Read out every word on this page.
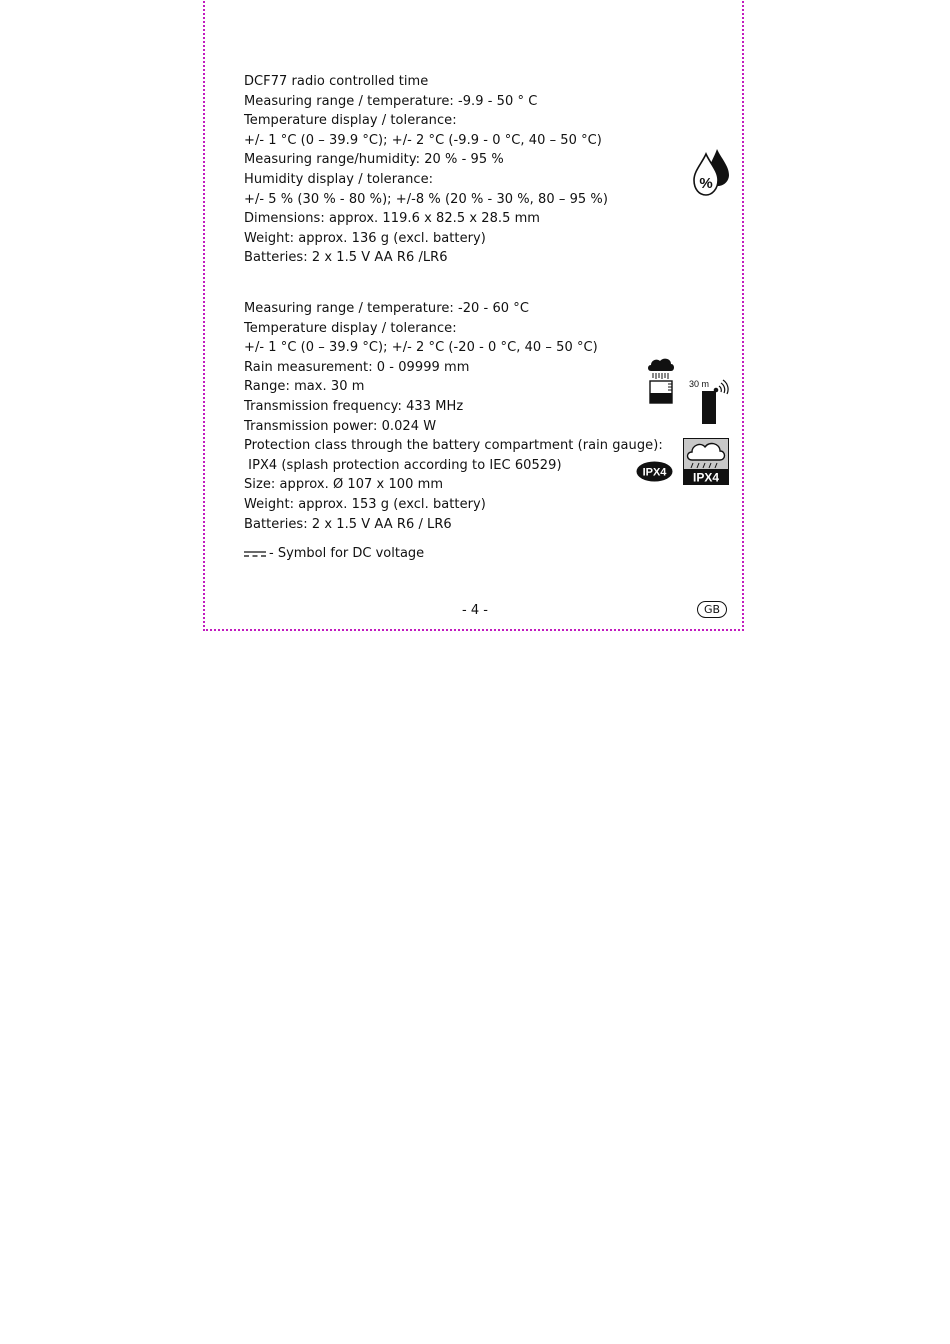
DCF77 radio controlled time
Measuring range / temperature: -9.9 - 50 ° C
Temperature display / tolerance:
+/- 1 °C (0 – 39.9 °C); +/- 2 °C (-9.9 - 0 °C, 40 – 50 °C)
Measuring range/humidity: 20 % - 95 %
Humidity display / tolerance:
+/- 5 % (30 % - 80 %); +/-8 % (20 % - 30 %, 80 – 95 %)
Dimensions: approx. 119.6 x 82.5 x 28.5 mm
Weight: approx. 136 g (excl. battery)
Batteries: 2 x 1.5 V AA R6 /LR6
Measuring range / temperature: -20 - 60 °C
Temperature display / tolerance:
+/- 1 °C (0 – 39.9 °C); +/- 2 °C (-20 - 0 °C, 40 – 50 °C)
Rain measurement: 0 - 09999 mm
Range: max. 30 m
Transmission frequency: 433 MHz
Transmission power: 0.024 W
Protection class through the battery compartment (rain gauge):
IPX4 (splash protection according to IEC 60529)
Size: approx. Ø 107 x 100 mm
Weight: approx. 153 g (excl. battery)
Batteries: 2 x 1.5 V AA R6 / LR6
- Symbol for DC voltage
%
30 m
IPX4 IPX4
- 4 -	GB
